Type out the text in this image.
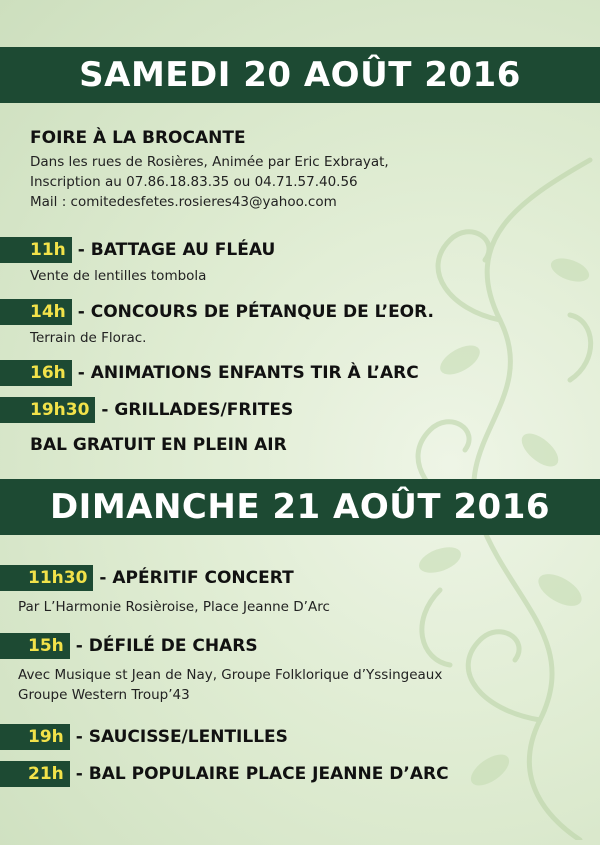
SAMEDI 20 AOÛT 2016
FOIRE À LA BROCANTE
Dans les rues de Rosières, Animée par Eric Exbrayat,
Inscription au 07.86.18.83.35 ou 04.71.57.40.56
Mail : comitedesfetes.rosieres43@yahoo.com
11h - BATTAGE AU FLÉAU
Vente de lentilles tombola
14h - CONCOURS DE PÉTANQUE DE L’EOR.
Terrain de Florac.
16h - ANIMATIONS ENFANTS TIR À L’ARC
19h30 - GRILLADES/FRITES
BAL GRATUIT EN PLEIN AIR
DIMANCHE 21 AOÛT 2016
11h30 - APÉRITIF CONCERT
Par L’Harmonie Rosièroise, Place Jeanne D’Arc
15h - DÉFILÉ DE CHARS
Avec Musique st Jean de Nay, Groupe Folklorique d’Yssingeaux
Groupe Western Troup’43
19h - SAUCISSE/LENTILLES
21h - BAL POPULAIRE PLACE JEANNE D’ARC
